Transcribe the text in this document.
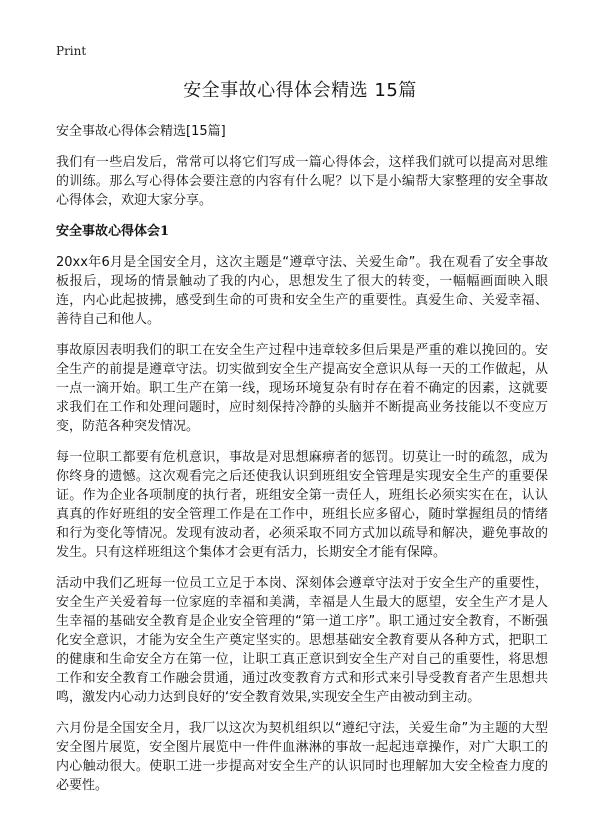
Print
安全事故心得体会精选 15篇

安全事故心得体会精选[15篇]

我们有一些启发后，常常可以将它们写成一篇心得体会，这样我们就可以提高对思维的训练。那么写心得体会要注意的内容有什么呢？以下是小编帮大家整理的安全事故心得体会，欢迎大家分享。

安全事故心得体会1

20xx年6月是全国安全月，这次主题是“遵章守法、关爱生命”。我在观看了安全事故板报后，现场的情景触动了我的内心，思想发生了很大的转变，一幅幅画面映入眼连，内心此起披拂，感受到生命的可贵和安全生产的重要性。真爱生命、关爱幸福、善待自己和他人。

事故原因表明我们的职工在安全生产过程中违章较多但后果是严重的难以挽回的。安全生产的前提是遵章守法。切实做到安全生产提高安全意识从每一天的工作做起，从一点一滴开始。职工生产在第一线，现场环境复杂有时存在着不确定的因素，这就要求我们在工作和处理问题时，应时刻保持冷静的头脑并不断提高业务技能以不变应万变，防范各种突发情况。

每一位职工都要有危机意识，事故是对思想麻痹者的惩罚。切莫让一时的疏忽，成为你终身的遗憾。这次观看完之后还使我认识到班组安全管理是实现安全生产的重要保证。作为企业各项制度的执行者，班组安全第一责任人，班组长必须实实在在，认认真真的作好班组的安全管理工作是在工作中，班组长应多留心，随时掌握组员的情绪和行为变化等情况。发现有波动者，必须采取不同方式加以疏导和解决，避免事故的发生。只有这样班组这个集体才会更有活力，长期安全才能有保障。

活动中我们乙班每一位员工立足于本岗、深刻体会遵章守法对于安全生产的重要性，安全生产关爱着每一位家庭的幸福和美满，幸福是人生最大的愿望，安全生产才是人生幸福的基础安全教育是企业安全管理的“第一道工序”。职工通过安全教育，不断强化安全意识，才能为安全生产奠定坚实的。思想基础安全教育要从各种方式，把职工的健康和生命安全方在第一位，让职工真正意识到安全生产对自己的重要性，将思想工作和安全教育工作融会贯通，通过改变教育方式和形式来引导受教育者产生思想共鸣，激发内心动力达到良好的‘安全教育效果,实现安全生产由被动到主动。

六月份是全国安全月，我厂以这次为契机组织以“遵纪守法，关爱生命”为主题的大型安全图片展览，安全图片展览中一件件血淋淋的事故一起起违章操作，对广大职工的内心触动很大。使职工进一步提高对安全生产的认识同时也理解加大安全检查力度的必要性。
